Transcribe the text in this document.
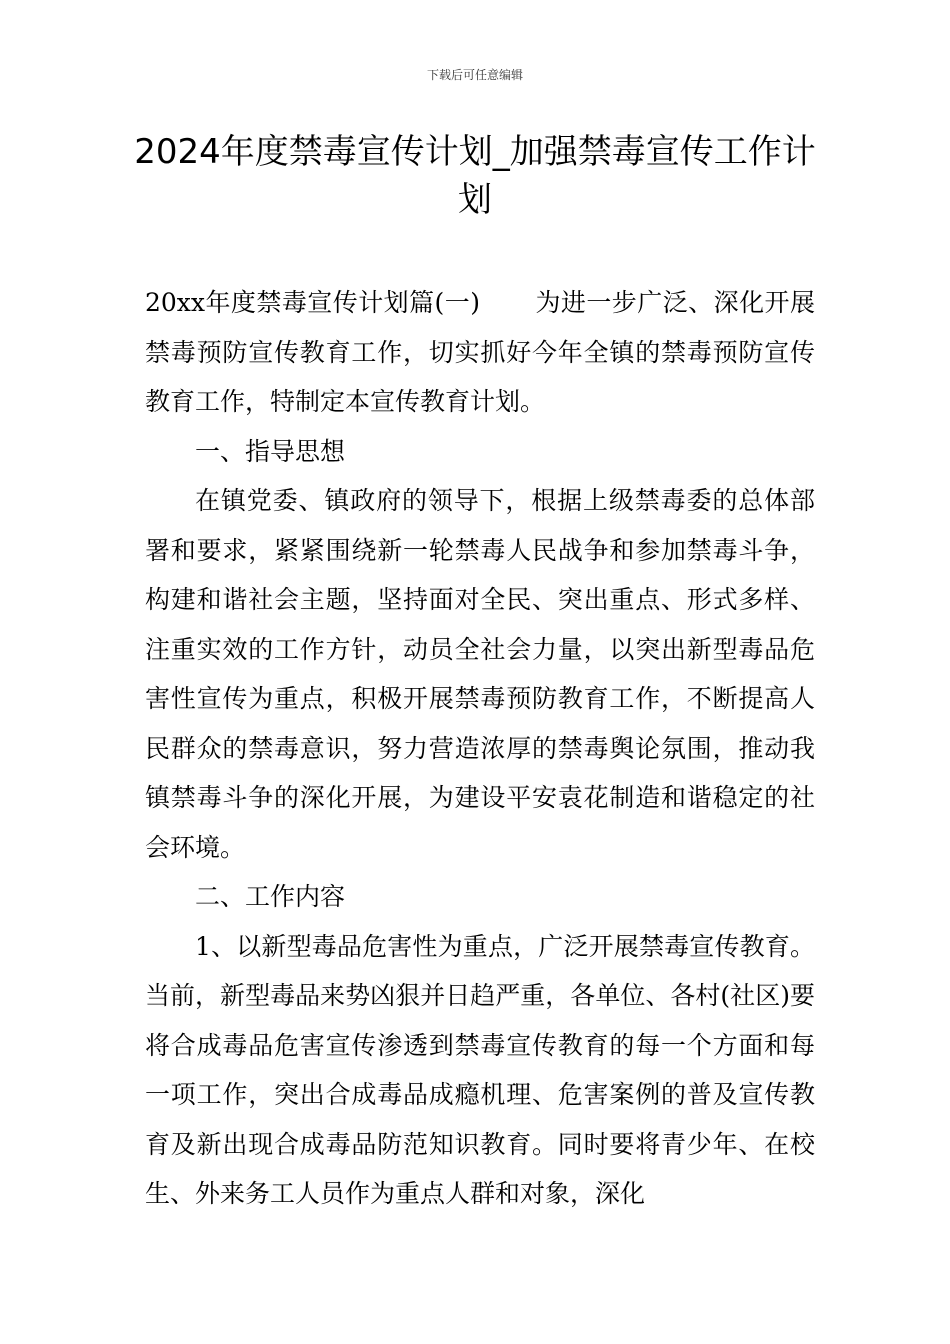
下载后可任意编辑
2024年度禁毒宣传计划_加强禁毒宣传工作计划

20xx年度禁毒宣传计划篇(一) 为进一步广泛、深化开展禁毒预防宣传教育工作，切实抓好今年全镇的禁毒预防宣传教育工作，特制定本宣传教育计划。

一、指导思想

在镇党委、镇政府的领导下，根据上级禁毒委的总体部署和要求，紧紧围绕新一轮禁毒人民战争和参加禁毒斗争，构建和谐社会主题，坚持面对全民、突出重点、形式多样、注重实效的工作方针，动员全社会力量，以突出新型毒品危害性宣传为重点，积极开展禁毒预防教育工作，不断提高人民群众的禁毒意识，努力营造浓厚的禁毒舆论氛围，推动我镇禁毒斗争的深化开展，为建设平安袁花制造和谐稳定的社会环境。

二、工作内容

1、以新型毒品危害性为重点，广泛开展禁毒宣传教育。当前，新型毒品来势凶狠并日趋严重，各单位、各村(社区)要将合成毒品危害宣传渗透到禁毒宣传教育的每一个方面和每一项工作，突出合成毒品成瘾机理、危害案例的普及宣传教育及新出现合成毒品防范知识教育。同时要将青少年、在校生、外来务工人员作为重点人群和对象，深化
